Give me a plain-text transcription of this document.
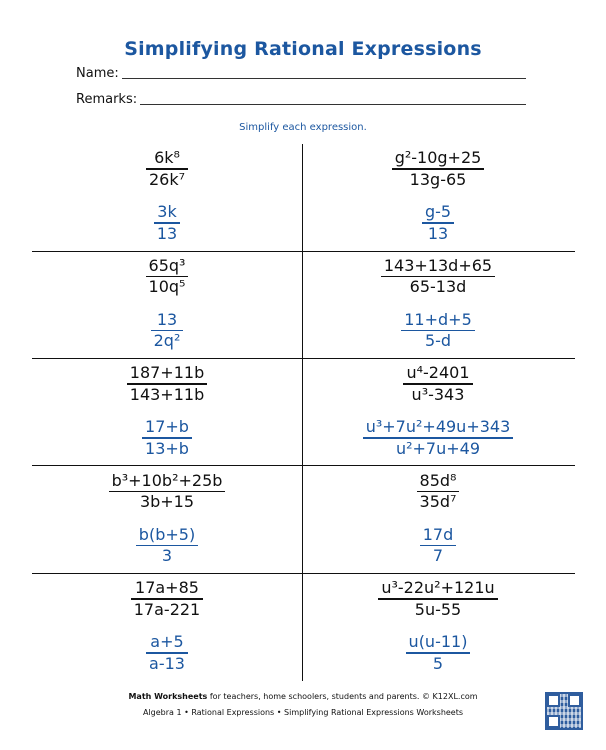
Simplifying Rational Expressions
Name:
Remarks:
Simplify each expression.
$\frac{\text{6k⁸}}{\text{26k⁷}}$
$\frac{3k}{13}$
$\frac{\text{g²-10g+25}}{13g-65}$
$\frac{g-5}{13}$
$\frac{\text{65q³}}{\text{10q⁵}}$
$\frac{13}{\text{2q²}}$
$\frac{143+13d+65}{65-13d}$
$\frac{11+d+5}{5-d}$
$\frac{187+11b}{143+11b}$
$\frac{17+b}{13+b}$
$\frac{\text{u⁴-2401}}{\text{u³-343}}$
$\frac{\text{u³+7u²+49u+343}}{\text{u²+7u+49}}$
$\frac{\text{b³+10b²+25b}}{3b+15}$
$\frac{b(b+5)}{3}$
$\frac{\text{85d⁸}}{\text{35d⁷}}$
$\frac{17d}{7}$
$\frac{17a+85}{17a-221}$
$\frac{a+5}{a-13}$
$\frac{\text{u³-22u²+121u}}{5u-55}$
$\frac{u(u-11)}{5}$
Math Worksheets for teachers, home schoolers, students and parents. © K12XL.com
Algebra 1 • Rational Expressions • Simplifying Rational Expressions Worksheets
